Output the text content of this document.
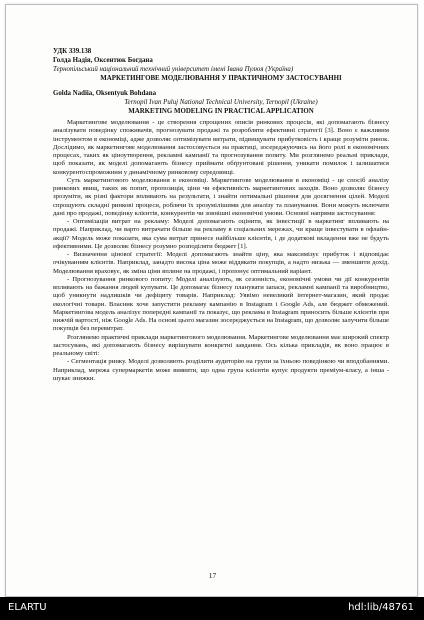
УДК 339.138
Голда Надія, Оксентюк Богдана
Тернопільський національний технічний університет імені Івана Пулюя (Україна)
МАРКЕТИНГОВЕ МОДЕЛЮВАННЯ У ПРАКТИЧНОМУ ЗАСТОСУВАННІ
Golda Nadiia, Oksentyuk Bohdana
Ternopil Ivan Puluj National Technical University, Ternopil (Ukraine)
MARKETING MODELING IN PRACTICAL APPLICATION

Маркетингове моделювання - це створення спрощених описів ринкових процесів, які допомагають бізнесу аналізувати поведінку споживачів, прогнозувати продажі та розробляти ефективні стратегії [3]. Воно є важливим інструментом в економіці, адже дозволяє оптимізувати витрати, підвищувати прибутковість і краще розуміти ринок. Дослідимо, як маркетингове моделювання застосовується на практиці, зосереджуючись на його ролі в економічних процесах, таких як ціноутворення, рекламні кампанії та прогнозування попиту. Ми розглянемо реальні приклади, щоб показати, як моделі допомагають бізнесу приймати обґрунтовані рішення, уникати помилок і залишатися конкурентоспроможним у динамічному ринковому середовищі.

Суть маркетингового моделювання в економіці. Маркетингове моделювання в економіці - це спосіб аналізу ринкових явищ, таких як попит, пропозиція, ціни чи ефективність маркетингових заходів. Воно дозволяє бізнесу зрозуміти, як різні фактори впливають на результати, і знайти оптимальні рішення для досягнення цілей. Моделі спрощують складні ринкові процеси, роблячи їх зрозумілішими для аналізу та планування. Вони можуть включати дані про продажі, поведінку клієнтів, конкурентів чи зовнішні економічні умови. Основні напрями застосування:

- Оптимізація витрат на рекламу: Моделі допомагають оцінити, як інвестиції в маркетинг впливають на продажі. Наприклад, чи варто витрачати більше на рекламу в соціальних мережах, чи краще інвестувати в офлайн-акції? Модель може показати, яка сума витрат принесе найбільше клієнтів, і де додаткові вкладення вже не будуть ефективними. Це дозволяє бізнесу розумно розподіляти бюджет [1].

- Визначення цінової стратегії: Моделі допомагають знайти ціну, яка максимізує прибуток і відповідає очікуванням клієнтів. Наприклад, занадто висока ціна може віддякати покупців, а надто низька — зменшити дохід. Моделювання враховує, як зміна ціни вплине на продажі, і пропонує оптимальний варіант.

- Прогнозування ринкового попиту: Моделі аналізують, як сезонність, економічні умови чи дії конкурентів впливають на бажання людей купувати. Це допомагає бізнесу планувати запаси, рекламні кампанії та виробництво, щоб уникнути надлишків чи дефіциту товарів. Наприклад: Уявімо невеликий інтернет-магазин, який продає екологічні товари. Власник хоче запустити рекламу кампанію в Instagram і Google Ads, але бюджет обмежений. Маркетингова модель аналізує попередні кампанії та показує, що реклама в Instagram приносить більше клієнтів при нижчій вартості, ніж Google Ads. На основі цього магазин зосереджується на Instagram, що дозволяє залучити більше покупців без перевитрат.

Розглянемо практичні приклади маркетингового моделювання. Маркетингове моделювання має широкий спектр застосувань, які допомагають бізнесу вирішувати конкретні завдання. Ось кілька прикладів, як воно працює в реальному світі:

- Сегментація ринку. Моделі дозволяють розділити аудиторію на групи за їхньою поведінкою чи вподобаннями. Наприклад, мережа супермаркетів може виявити, що одна група клієнтів купує продукти преміум-класу, а інша - шукає знижки.

17
ELARTU	hdl:lib/48761
